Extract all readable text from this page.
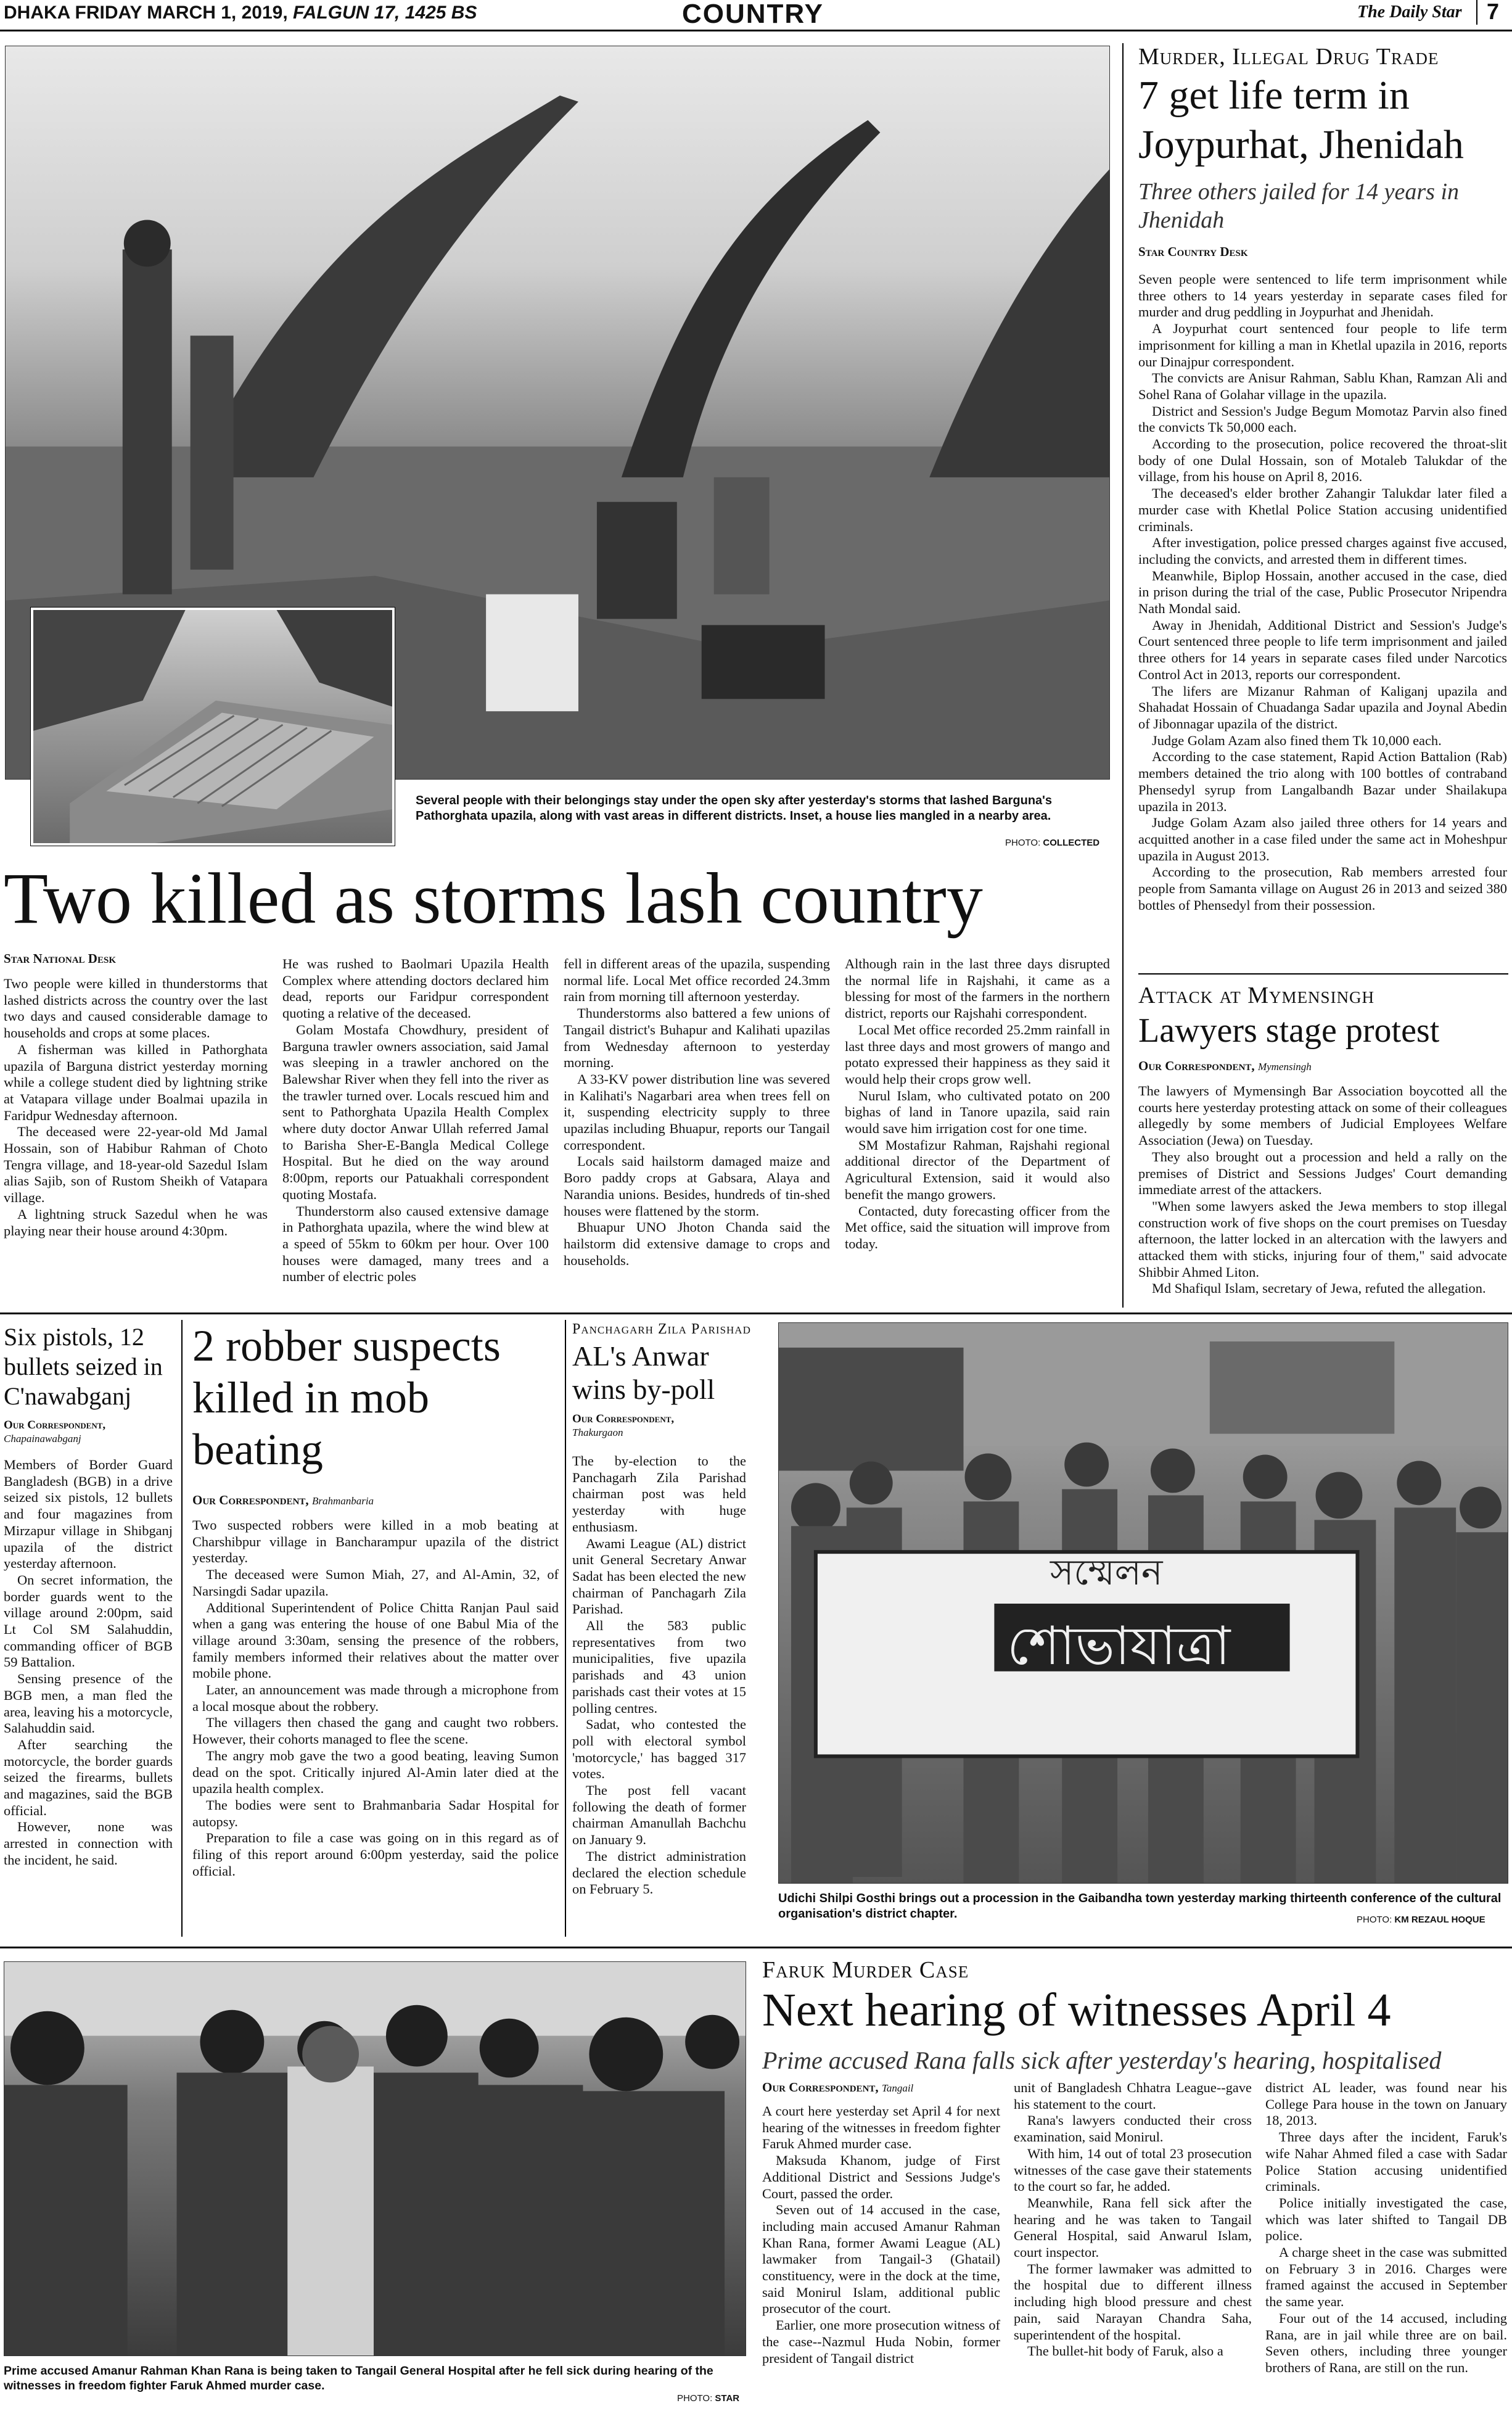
DHAKA FRIDAY MARCH 1, 2019, FALGUN 17, 1425 BS	COUNTRY	The Daily Star 7
Several people with their belongings stay under the open sky after yesterday's storms that lashed Barguna's Pathorghata upazila, along with vast areas in different districts. Inset, a house lies mangled in a nearby area.
PHOTO: COLLECTED
Two killed as storms lash country
Star National Desk

Two people were killed in thunderstorms that lashed districts across the country over the last two days and caused considerable damage to households and crops at some places.

A fisherman was killed in Pathorghata upazila of Barguna district yesterday morning while a college student died by lightning strike at Vatapara village under Boalmai upazila in Faridpur Wednesday afternoon.

The deceased were 22-year-old Md Jamal Hossain, son of Habibur Rahman of Choto Tengra village, and 18-year-old Sazedul Islam alias Sajib, son of Rustom Sheikh of Vatapara village.

A lightning struck Sazedul when he was playing near their house around 4:30pm.

He was rushed to Baolmari Upazila Health Complex where attending doctors declared him dead, reports our Faridpur correspondent quoting a relative of the deceased.

Golam Mostafa Chowdhury, president of Barguna trawler owners association, said Jamal was sleeping in a trawler anchored on the Balewshar River when they fell into the river as the trawler turned over. Locals rescued him and sent to Pathorghata Upazila Health Complex where duty doctor Anwar Ullah referred Jamal to Barisha Sher-E-Bangla Medical College Hospital. But he died on the way around 8:00pm, reports our Patuakhali correspondent quoting Mostafa.

Thunderstorm also caused extensive damage in Pathorghata upazila, where the wind blew at a speed of 55km to 60km per hour. Over 100 houses were damaged, many trees and a number of electric poles

fell in different areas of the upazila, suspending normal life. Local Met office recorded 24.3mm rain from morning till afternoon yesterday.

Thunderstorms also battered a few unions of Tangail district's Buhapur and Kalihati upazilas from Wednesday afternoon to yesterday morning.

A 33-KV power distribution line was severed in Kalihati's Nagarbari area when trees fell on it, suspending electricity supply to three upazilas including Bhuapur, reports our Tangail correspondent.

Locals said hailstorm damaged maize and Boro paddy crops at Gabsara, Alaya and Narandia unions. Besides, hundreds of tin-shed houses were flattened by the storm.

Bhuapur UNO Jhoton Chanda said the hailstorm did extensive damage to crops and households.

Although rain in the last three days disrupted the normal life in Rajshahi, it came as a blessing for most of the farmers in the northern district, reports our Rajshahi correspondent.

Local Met office recorded 25.2mm rainfall in last three days and most growers of mango and potato expressed their happiness as they said it would help their crops grow well.

Nurul Islam, who cultivated potato on 200 bighas of land in Tanore upazila, said rain would save him irrigation cost for one time.

SM Mostafizur Rahman, Rajshahi regional additional director of the Department of Agricultural Extension, said it would also benefit the mango growers.

Contacted, duty forecasting officer from the Met office, said the situation will improve from today.

Murder, Illegal Drug Trade
7 get life term in Joypurhat, Jhenidah
Three others jailed for 14 years in Jhenidah
Star Country Desk

Seven people were sentenced to life term imprisonment while three others to 14 years yesterday in separate cases filed for murder and drug peddling in Joypurhat and Jhenidah.

A Joypurhat court sentenced four people to life term imprisonment for killing a man in Khetlal upazila in 2016, reports our Dinajpur correspondent.

The convicts are Anisur Rahman, Sablu Khan, Ramzan Ali and Sohel Rana of Golahar village in the upazila.

District and Session's Judge Begum Momotaz Parvin also fined the convicts Tk 50,000 each.

According to the prosecution, police recovered the throat-slit body of one Dulal Hossain, son of Motaleb Talukdar of the village, from his house on April 8, 2016.

The deceased's elder brother Zahangir Talukdar later filed a murder case with Khetlal Police Station accusing unidentified criminals.

After investigation, police pressed charges against five accused, including the convicts, and arrested them in different times.

Meanwhile, Biplop Hossain, another accused in the case, died in prison during the trial of the case, Public Prosecutor Nripendra Nath Mondal said.

Away in Jhenidah, Additional District and Session's Judge's Court sentenced three people to life term imprisonment and jailed three others for 14 years in separate cases filed under Narcotics Control Act in 2013, reports our correspondent.

The lifers are Mizanur Rahman of Kaliganj upazila and Shahadat Hossain of Chuadanga Sadar upazila and Joynal Abedin of Jibonnagar upazila of the district.

Judge Golam Azam also fined them Tk 10,000 each.

According to the case statement, Rapid Action Battalion (Rab) members detained the trio along with 100 bottles of contraband Phensedyl syrup from Langalbandh Bazar under Shailakupa upazila in 2013.

Judge Golam Azam also jailed three others for 14 years and acquitted another in a case filed under the same act in Moheshpur upazila in August 2013.

According to the prosecution, Rab members arrested four people from Samanta village on August 26 in 2013 and seized 380 bottles of Phensedyl from their possession.

Attack at Mymensingh
Lawyers stage protest
Our Correspondent, Mymensingh

The lawyers of Mymensingh Bar Association boycotted all the courts here yesterday protesting attack on some of their colleagues allegedly by some members of Judicial Employees Welfare Association (Jewa) on Tuesday.

They also brought out a procession and held a rally on the premises of District and Sessions Judges' Court demanding immediate arrest of the attackers.

"When some lawyers asked the Jewa members to stop illegal construction work of five shops on the court premises on Tuesday afternoon, the latter locked in an altercation with the lawyers and attacked them with sticks, injuring four of them," said advocate Shibbir Ahmed Liton.

Md Shafiqul Islam, secretary of Jewa, refuted the allegation.

Six pistols, 12 bullets seized in C'nawabganj
Our Correspondent,
Chapainawabganj

Members of Border Guard Bangladesh (BGB) in a drive seized six pistols, 12 bullets and four magazines from Mirzapur village in Shibganj upazila of the district yesterday afternoon.

On secret information, the border guards went to the village around 2:00pm, said Lt Col SM Salahuddin, commanding officer of BGB 59 Battalion.

Sensing presence of the BGB men, a man fled the area, leaving his a motorcycle, Salahuddin said.

After searching the motorcycle, the border guards seized the firearms, bullets and magazines, said the BGB official.

However, none was arrested in connection with the incident, he said.

2 robber suspects killed in mob beating
Our Correspondent, Brahmanbaria

Two suspected robbers were killed in a mob beating at Charshibpur village in Bancharampur upazila of the district yesterday.

The deceased were Sumon Miah, 27, and Al-Amin, 32, of Narsingdi Sadar upazila.

Additional Superintendent of Police Chitta Ranjan Paul said when a gang was entering the house of one Babul Mia of the village around 3:30am, sensing the presence of the robbers, family members informed their relatives about the matter over mobile phone.

Later, an announcement was made through a microphone from a local mosque about the robbery.

The villagers then chased the gang and caught two robbers. However, their cohorts managed to flee the scene.

The angry mob gave the two a good beating, leaving Sumon dead on the spot. Critically injured Al-Amin later died at the upazila health complex.

The bodies were sent to Brahmanbaria Sadar Hospital for autopsy.

Preparation to file a case was going on in this regard as of filing of this report around 6:00pm yesterday, said the police official.

Panchagarh Zila Parishad
AL's Anwar wins by-poll
Our Correspondent,
Thakurgaon

The by-election to the Panchagarh Zila Parishad chairman post was held yesterday with huge enthusiasm.

Awami League (AL) district unit General Secretary Anwar Sadat has been elected the new chairman of Panchagarh Zila Parishad.

All the 583 public representatives from two municipalities, five upazila parishads and 43 union parishads cast their votes at 15 polling centres.

Sadat, who contested the poll with electoral symbol 'motorcycle,' has bagged 317 votes.

The post fell vacant following the death of former chairman Amanullah Bachchu on January 9.

The district administration declared the election schedule on February 5.

সম্মেলন
শোভাযাত্রা
Udichi Shilpi Gosthi brings out a procession in the Gaibandha town yesterday marking thirteenth conference of the cultural organisation's district chapter.	PHOTO: KM REZAUL HOQUE
Prime accused Amanur Rahman Khan Rana is being taken to Tangail General Hospital after he fell sick during hearing of the witnesses in freedom fighter Faruk Ahmed murder case.
PHOTO: STAR
Faruk Murder Case
Next hearing of witnesses April 4
Prime accused Rana falls sick after yesterday's hearing, hospitalised
Our Correspondent, Tangail

A court here yesterday set April 4 for next hearing of the witnesses in freedom fighter Faruk Ahmed murder case.

Maksuda Khanom, judge of First Additional District and Sessions Judge's Court, passed the order.

Seven out of 14 accused in the case, including main accused Amanur Rahman Khan Rana, former Awami League (AL) lawmaker from Tangail-3 (Ghatail) constituency, were in the dock at the time, said Monirul Islam, additional public prosecutor of the court.

Earlier, one more prosecution witness of the case--Nazmul Huda Nobin, former president of Tangail district

unit of Bangladesh Chhatra League--gave his statement to the court.

Rana's lawyers conducted their cross examination, said Monirul.

With him, 14 out of total 23 prosecution witnesses of the case gave their statements to the court so far, he added.

Meanwhile, Rana fell sick after the hearing and he was taken to Tangail General Hospital, said Anwarul Islam, court inspector.

The former lawmaker was admitted to the hospital due to different illness including high blood pressure and chest pain, said Narayan Chandra Saha, superintendent of the hospital.

The bullet-hit body of Faruk, also a

district AL leader, was found near his College Para house in the town on January 18, 2013.

Three days after the incident, Faruk's wife Nahar Ahmed filed a case with Sadar Police Station accusing unidentified criminals.

Police initially investigated the case, which was later shifted to Tangail DB police.

A charge sheet in the case was submitted on February 3 in 2016. Charges were framed against the accused in September the same year.

Four out of the 14 accused, including Rana, are in jail while three are on bail. Seven others, including three younger brothers of Rana, are still on the run.
